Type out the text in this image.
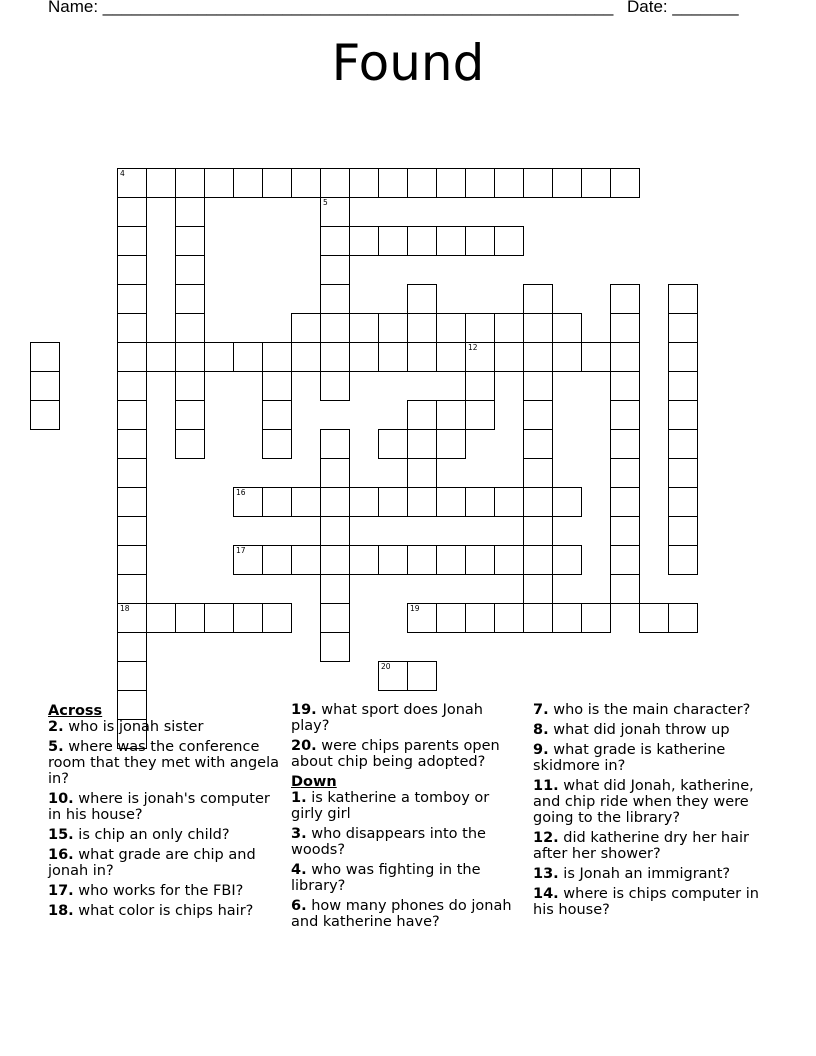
Name: ______________________________________________________ Date: _______
Found
12
4
18
5
16
17
19
20
Across
2. who is jonah sister
5. where was the conference room that they met with angela in?
10. where is jonah's computer in his house?
15. is chip an only child?
16. what grade are chip and jonah in?
17. who works for the FBI?
18. what color is chips hair?
19. what sport does Jonah play?
20. were chips parents open about chip being adopted?
Down
1. is katherine a tomboy or girly girl
3. who disappears into the woods?
4. who was fighting in the library?
6. how many phones do jonah and katherine have?
7. who is the main character?
8. what did jonah throw up
9. what grade is katherine skidmore in?
11. what did Jonah, katherine, and chip ride when they were going to the library?
12. did katherine dry her hair after her shower?
13. is Jonah an immigrant?
14. where is chips computer in his house?
